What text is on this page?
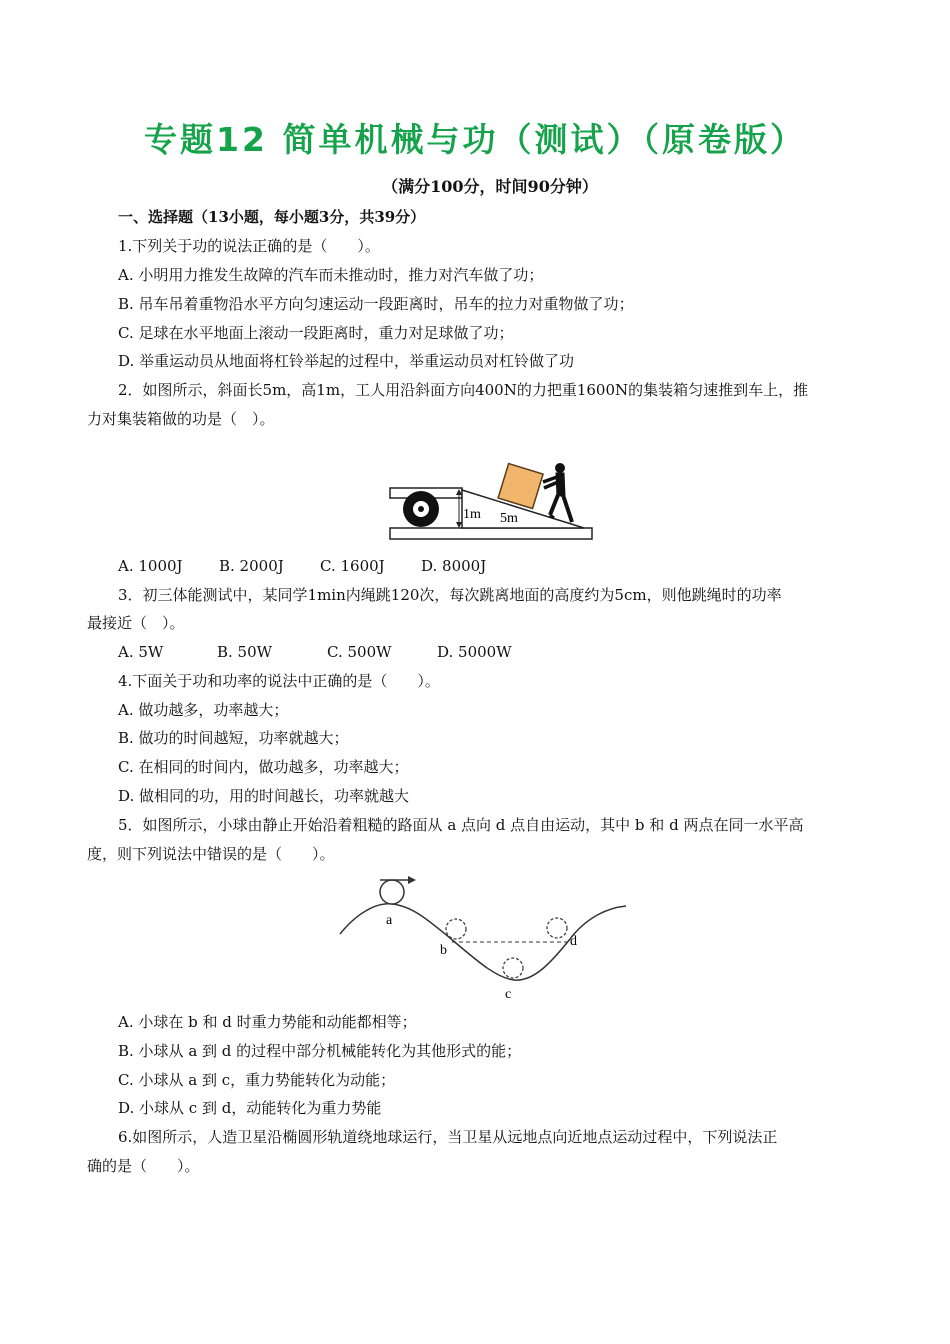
专题12 简单机械与功（测试）（原卷版）
（满分100分，时间90分钟）
一、选择题（13小题，每小题3分，共39分）
1.下列关于功的说法正确的是（　　）。
A. 小明用力推发生故障的汽车而未推动时，推力对汽车做了功；
B. 吊车吊着重物沿水平方向匀速运动一段距离时，吊车的拉力对重物做了功；
C. 足球在水平地面上滚动一段距离时，重力对足球做了功；
D. 举重运动员从地面将杠铃举起的过程中，举重运动员对杠铃做了功
2．如图所示，斜面长5m，高1m，工人用沿斜面方向400N的力把重1600N的集装箱匀速推到车上，推
力对集装箱做的功是（　）。
1m 5m
A. 1000J B. 2000J C. 1600J D. 8000J
3．初三体能测试中，某同学1min内绳跳120次，每次跳离地面的高度约为5cm，则他跳绳时的功率
最接近（　）。
A. 5W	B. 50W	C. 500W	D. 5000W
4.下面关于功和功率的说法中正确的是（　　）。
A. 做功越多，功率越大；
B. 做功的时间越短，功率就越大；
C. 在相同的时间内，做功越多，功率越大；
D. 做相同的功，用的时间越长，功率就越大
5．如图所示，小球由静止开始沿着粗糙的路面从 a 点向 d 点自由运动，其中 b 和 d 两点在同一水平高
度，则下列说法中错误的是（　　）。
a
b
c
d
A. 小球在 b 和 d 时重力势能和动能都相等；
B. 小球从 a 到 d 的过程中部分机械能转化为其他形式的能；
C. 小球从 a 到 c，重力势能转化为动能；
D. 小球从 c 到 d，动能转化为重力势能
6.如图所示，人造卫星沿椭圆形轨道绕地球运行，当卫星从远地点向近地点运动过程中，下列说法正
确的是（　　）。
